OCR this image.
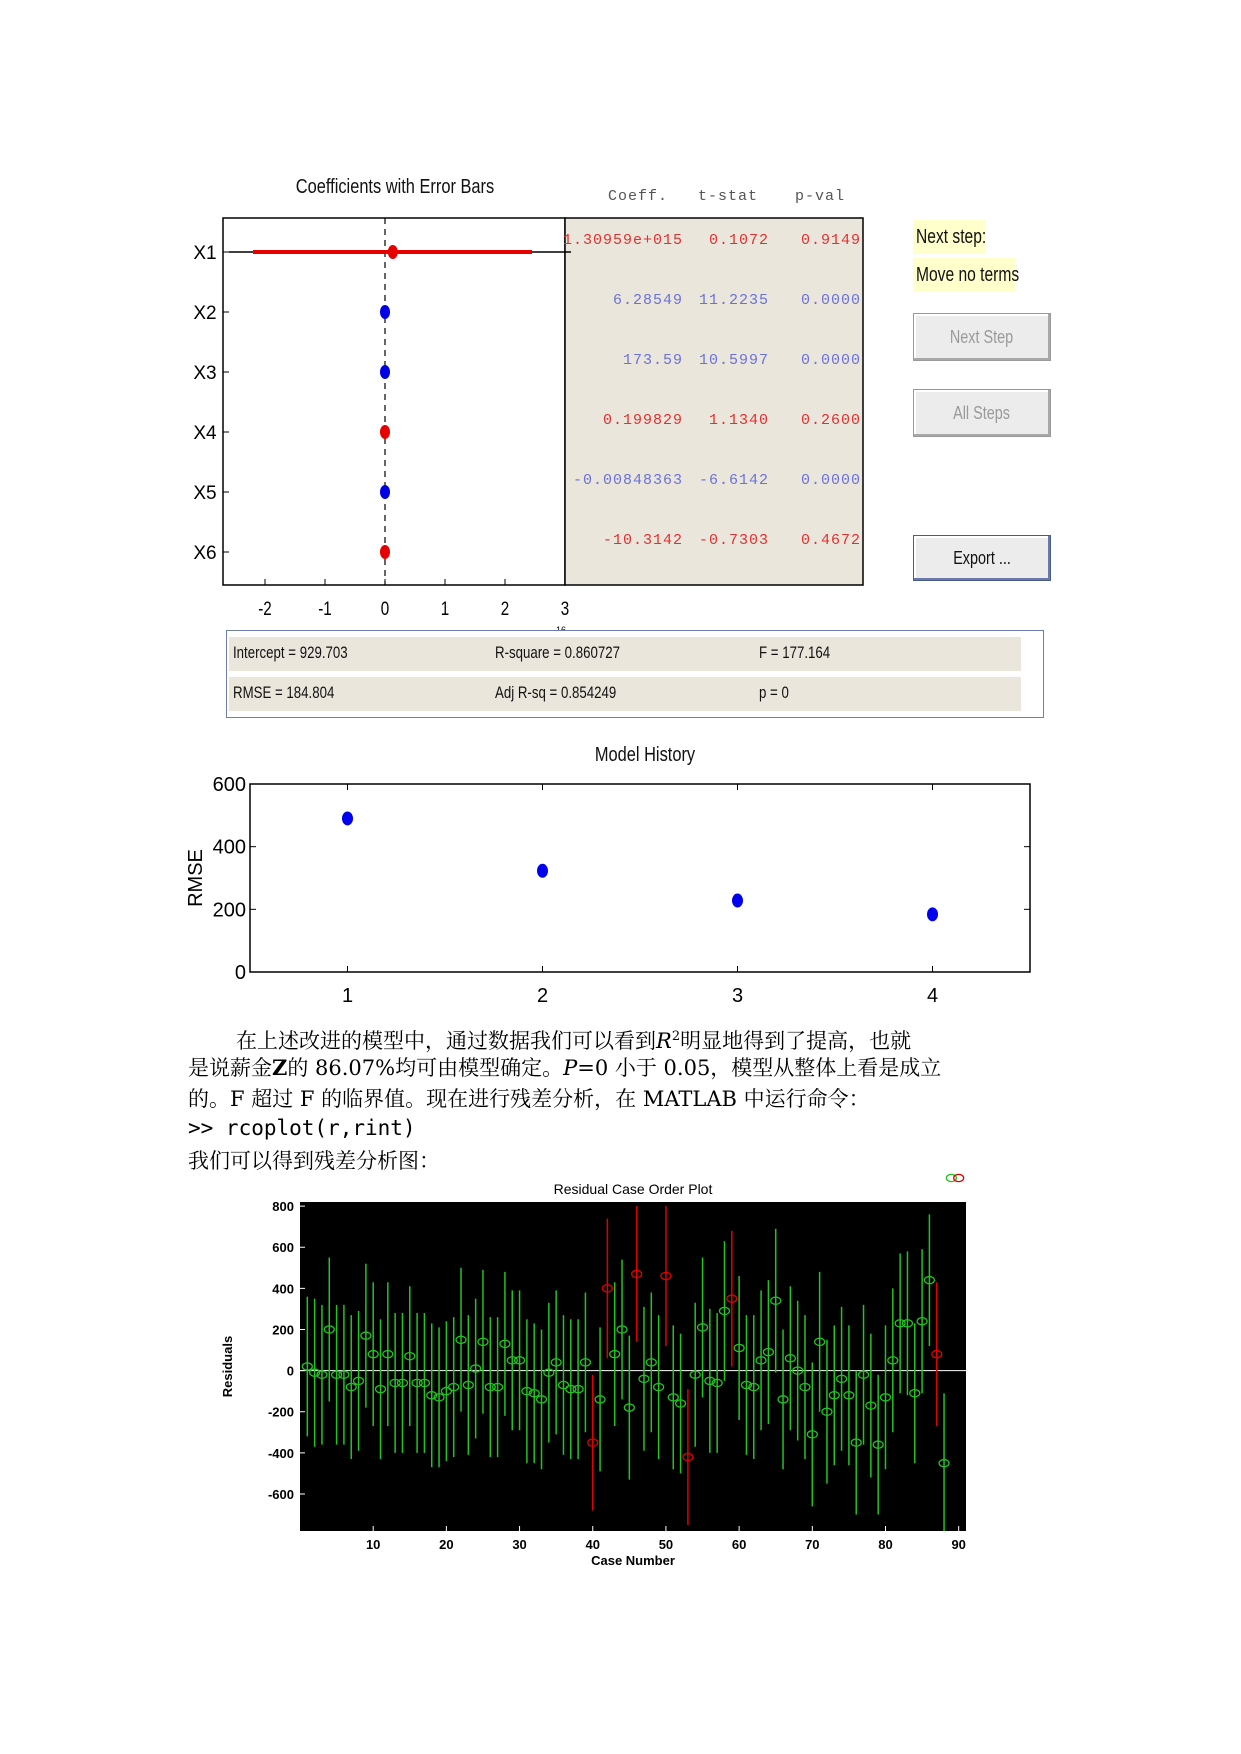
Coefficients with Error Bars
-2 -1	0	1	2	3
X1
X2
X3
X4
X5
X6
Coeff. t-stat p-val
1.30959e+015	0.1072	0.9149
6.28549	11.2235	0.0000
173.59	10.5997	0.0000
0.199829	1.1340	0.2600
-0.00848363	-6.6142	0.0000
-10.3142	-0.7303	0.4672
Next step:
Move no terms
Next Step
All Steps
Export ...
Intercept = 929.703	R-square = 0.860727	F = 177.164
RMSE = 184.804	Adj R-sq = 0.854249	p = 0
Model History
0
200
400
600
1	2	3	4
RMSE
在上述改进的模型中，通过数据我们可以看到$R^2$明显地得到了提高，也就
是说薪金Z的 86.07%均可由模型确定。P=0 小于 0.05，模型从整体上看是成立
的。F 超过 F 的临界值。现在进行残差分析，在 MATLAB 中运行命令：
>> rcoplot(r,rint)
我们可以得到残差分析图：
Residual Case Order Plot
800
600
400
200
0
-200
-400
-600
10	20	30	40	50	60	70	80	90
Case Number
Residuals
